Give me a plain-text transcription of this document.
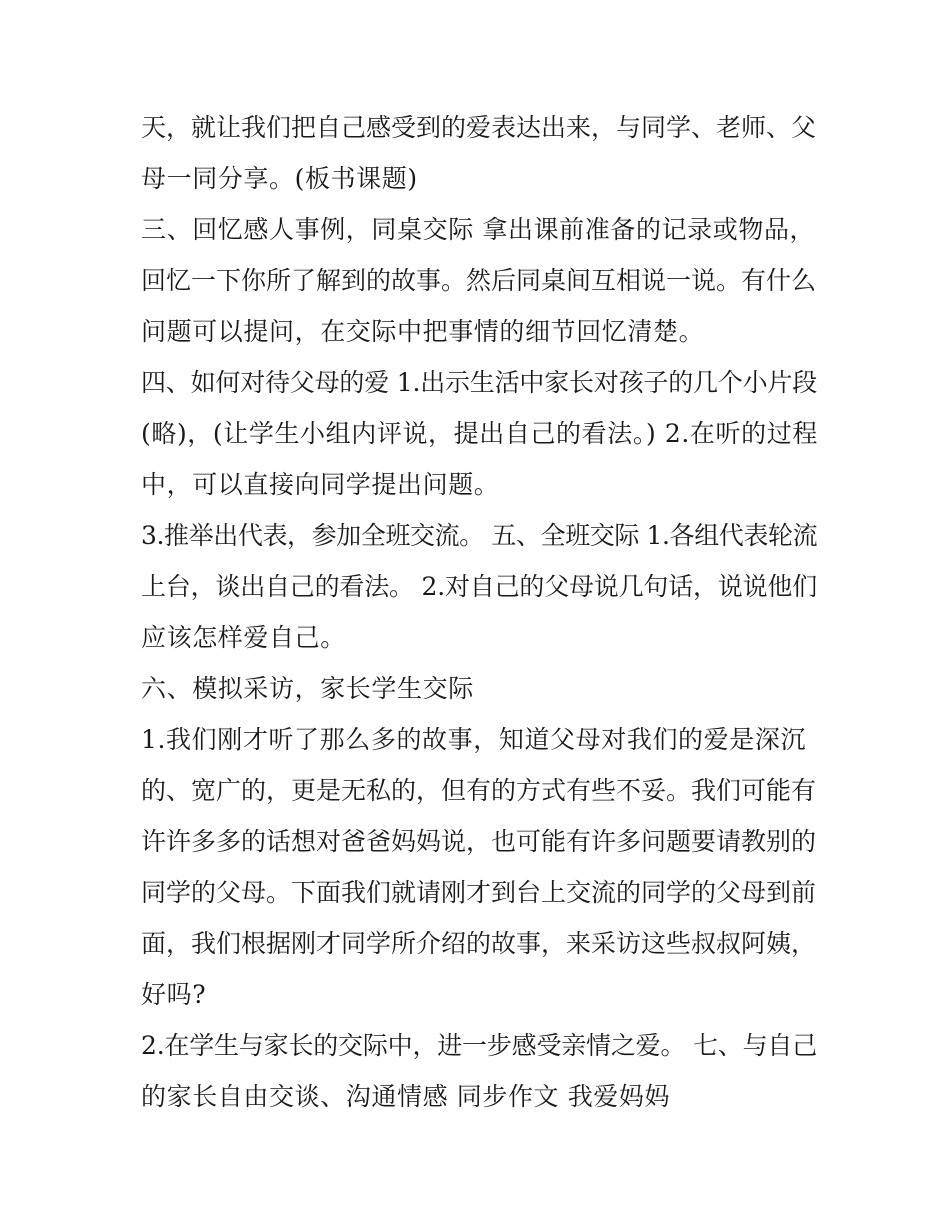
天，就让我们把自己感受到的爱表达出来，与同学、老师、父
母一同分享。(板书课题)
三、回忆感人事例，同桌交际 拿出课前准备的记录或物品，
回忆一下你所了解到的故事。然后同桌间互相说一说。有什么
问题可以提问，在交际中把事情的细节回忆清楚。
四、如何对待父母的爱 1.出示生活中家长对孩子的几个小片段
(略)，(让学生小组内评说，提出自己的看法。) 2.在听的过程
中，可以直接向同学提出问题。
3.推举出代表，参加全班交流。 五、全班交际 1.各组代表轮流
上台，谈出自己的看法。 2.对自己的父母说几句话，说说他们
应该怎样爱自己。
六、模拟采访，家长学生交际
1.我们刚才听了那么多的故事，知道父母对我们的爱是深沉
的、宽广的，更是无私的，但有的方式有些不妥。我们可能有
许许多多的话想对爸爸妈妈说，也可能有许多问题要请教别的
同学的父母。下面我们就请刚才到台上交流的同学的父母到前
面，我们根据刚才同学所介绍的故事，来采访这些叔叔阿姨，
好吗?
2.在学生与家长的交际中，进一步感受亲情之爱。 七、与自己
的家长自由交谈、沟通情感 同步作文 我爱妈妈
